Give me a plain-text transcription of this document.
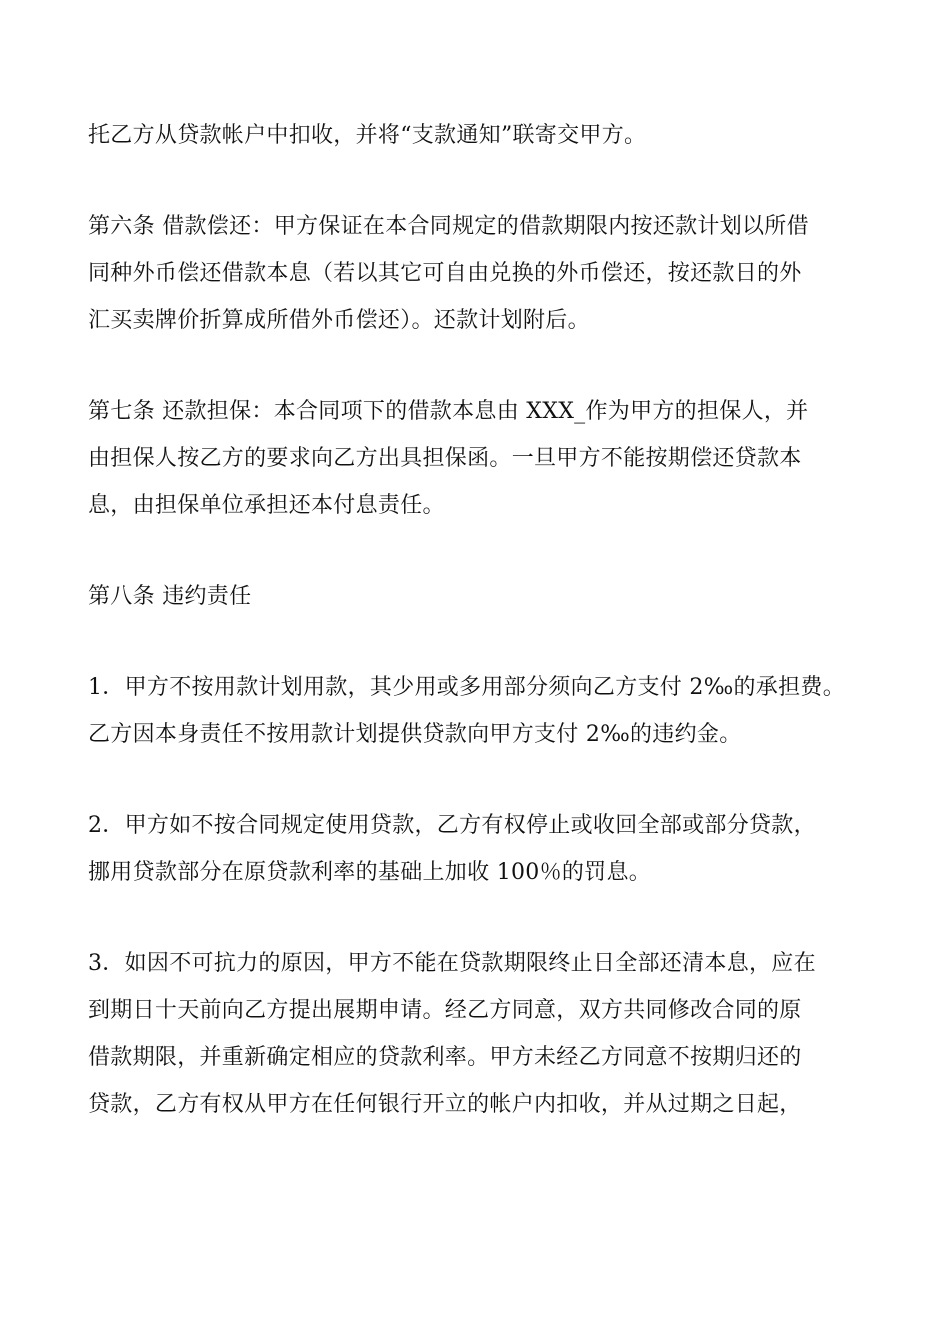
托乙方从贷款帐户中扣收，并将“支款通知”联寄交甲方。
第六条 借款偿还：甲方保证在本合同规定的借款期限内按还款计划以所借
同种外币偿还借款本息（若以其它可自由兑换的外币偿还，按还款日的外
汇买卖牌价折算成所借外币偿还）。还款计划附后。
第七条 还款担保：本合同项下的借款本息由 XXX_作为甲方的担保人，并
由担保人按乙方的要求向乙方出具担保函。一旦甲方不能按期偿还贷款本
息，由担保单位承担还本付息责任。
第八条 违约责任
1．甲方不按用款计划用款，其少用或多用部分须向乙方支付 2‰的承担费。
乙方因本身责任不按用款计划提供贷款向甲方支付 2‰的违约金。
2．甲方如不按合同规定使用贷款，乙方有权停止或收回全部或部分贷款，
挪用贷款部分在原贷款利率的基础上加收 100％的罚息。
3．如因不可抗力的原因，甲方不能在贷款期限终止日全部还清本息，应在
到期日十天前向乙方提出展期申请。经乙方同意，双方共同修改合同的原
借款期限，并重新确定相应的贷款利率。甲方未经乙方同意不按期归还的
贷款，乙方有权从甲方在任何银行开立的帐户内扣收，并从过期之日起，
